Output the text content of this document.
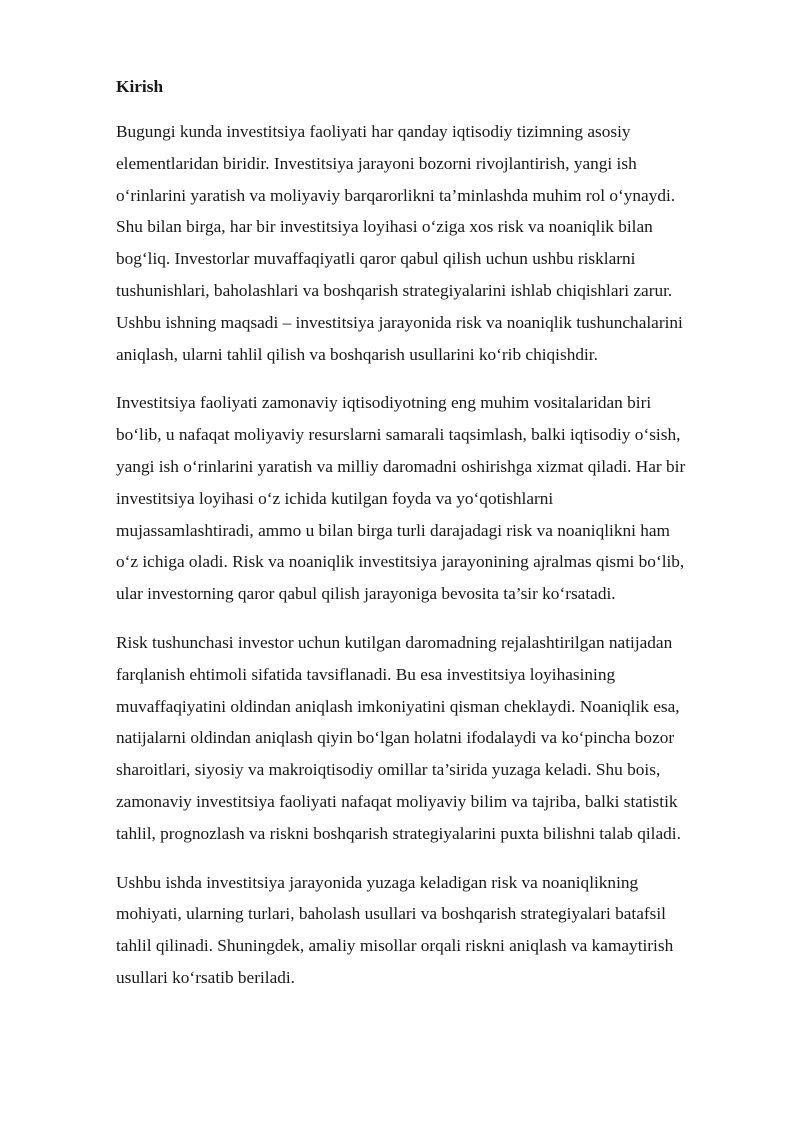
Kirish
Bugungi kunda investitsiya faoliyati har qanday iqtisodiy tizimning asosiy
elementlaridan biridir. Investitsiya jarayoni bozorni rivojlantirish, yangi ish
o‘rinlarini yaratish va moliyaviy barqarorlikni ta’minlashda muhim rol o‘ynaydi.
Shu bilan birga, har bir investitsiya loyihasi o‘ziga xos risk va noaniqlik bilan
bog‘liq. Investorlar muvaffaqiyatli qaror qabul qilish uchun ushbu risklarni
tushunishlari, baholashlari va boshqarish strategiyalarini ishlab chiqishlari zarur.
Ushbu ishning maqsadi – investitsiya jarayonida risk va noaniqlik tushunchalarini
aniqlash, ularni tahlil qilish va boshqarish usullarini ko‘rib chiqishdir.
Investitsiya faoliyati zamonaviy iqtisodiyotning eng muhim vositalaridan biri
bo‘lib, u nafaqat moliyaviy resurslarni samarali taqsimlash, balki iqtisodiy o‘sish,
yangi ish o‘rinlarini yaratish va milliy daromadni oshirishga xizmat qiladi. Har bir
investitsiya loyihasi o‘z ichida kutilgan foyda va yo‘qotishlarni
mujassamlashtiradi, ammo u bilan birga turli darajadagi risk va noaniqlikni ham
o‘z ichiga oladi. Risk va noaniqlik investitsiya jarayonining ajralmas qismi bo‘lib,
ular investorning qaror qabul qilish jarayoniga bevosita ta’sir ko‘rsatadi.
Risk tushunchasi investor uchun kutilgan daromadning rejalashtirilgan natijadan
farqlanish ehtimoli sifatida tavsiflanadi. Bu esa investitsiya loyihasining
muvaffaqiyatini oldindan aniqlash imkoniyatini qisman cheklaydi. Noaniqlik esa,
natijalarni oldindan aniqlash qiyin bo‘lgan holatni ifodalaydi va ko‘pincha bozor
sharoitlari, siyosiy va makroiqtisodiy omillar ta’sirida yuzaga keladi. Shu bois,
zamonaviy investitsiya faoliyati nafaqat moliyaviy bilim va tajriba, balki statistik
tahlil, prognozlash va riskni boshqarish strategiyalarini puxta bilishni talab qiladi.
Ushbu ishda investitsiya jarayonida yuzaga keladigan risk va noaniqlikning
mohiyati, ularning turlari, baholash usullari va boshqarish strategiyalari batafsil
tahlil qilinadi. Shuningdek, amaliy misollar orqali riskni aniqlash va kamaytirish
usullari ko‘rsatib beriladi.
